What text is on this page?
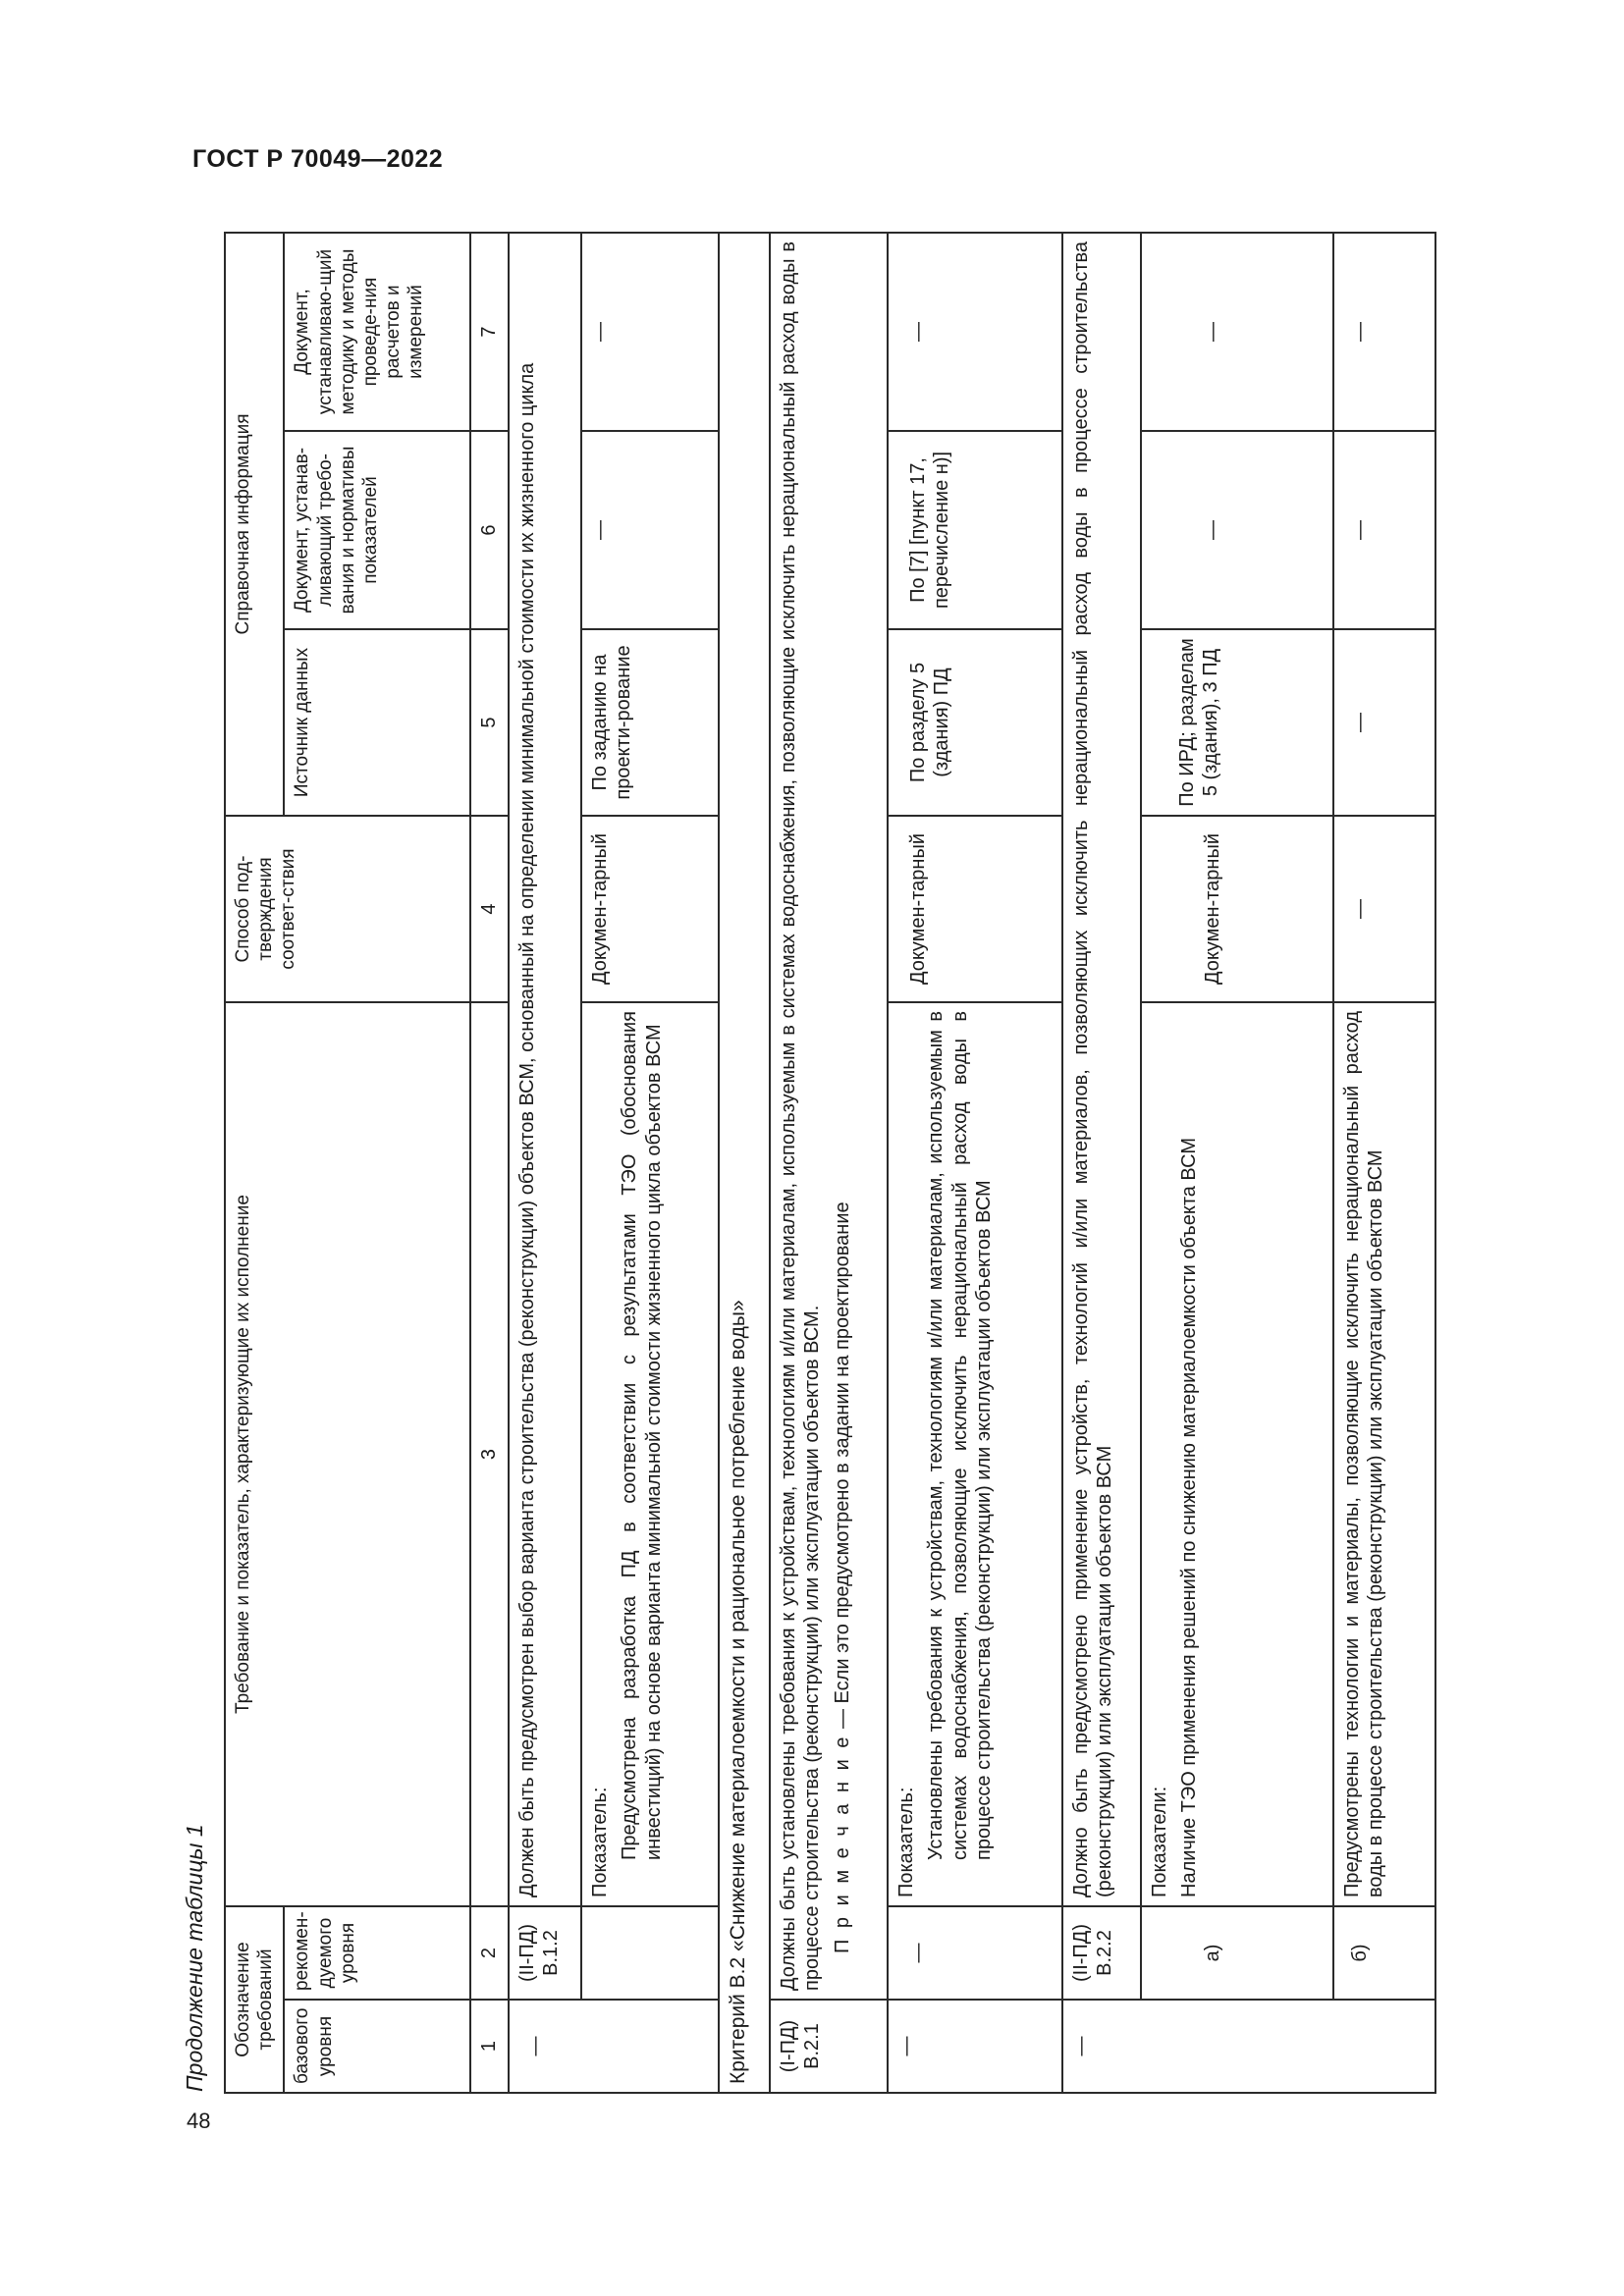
ГОСТ Р 70049—2022
48
Продолжение таблицы 1	Обозначение требований		Требование и показатель, характеризующие их исполнение	Способ под-тверждения соответ-ствия	Справочная информация		
базового уровня	рекомен-дуемого уровня			Источник данных	Документ, устанав-ливающий требо-вания и нормативы показателей	Документ, устанавливаю-щий методику и методы проведе-ния расчетов и измерений
1	2	3	4	5	6	7
—	(II-ПД) В.1.2	Должен быть предусмотрен выбор варианта строительства (реконструкции) объектов ВСМ, основанный на определении минимальной стоимости их жизненного цикла				

		Показатель: Предусмотрена разработка ПД в соответствии с результатами ТЭО (обоснования инвестиций) на основе варианта минимальной стоимости жизненного цикла объектов ВСМ	Докумен-тарный	По заданию на проекти-рование	—	—
Критерий В.2 «Снижение материалоемкости и рациональное потребление воды»						
(I-ПД) В.2.1	Должны быть установлены требования к устройствам, технологиям и/или материалам, используемым в системах водоснабжения, позволяющие исключить нерациональный расход воды в процессе строительства (реконструкции) или эксплуатации объектов ВСМ. П р и м е ч а н и е — Если это предусмотрено в задании на проектирование					

—	—	Показатель: Установлены требования к устройствам, технологиям и/или материалам, используемым в системах водоснабжения, позволяющие исключить нерациональный расход воды в процессе строительства (реконструкции) или эксплуатации объектов ВСМ	Докумен-тарный	По разделу 5 (здания) ПД	По [7] [пункт 17, перечисление н)]	—
—	(II-ПД) В.2.2	Должно быть предусмотрено применение устройств, технологий и/или материалов, позволяющих исключить нерациональный расход воды в процессе строительства (реконструкции) или эксплуатации объектов ВСМ				
	а)	Показатели: Наличие ТЭО применения решений по снижению материалоемкости объекта ВСМ	Докумен-тарный	По ИРД; разделам 5 (здания), 3 ПД	—	—
	б)	Предусмотрены технологии и материалы, позволяющие исключить нерациональный расход воды в процессе строительства (реконструкции) или эксплуатации объектов ВСМ	—	—	—	—
